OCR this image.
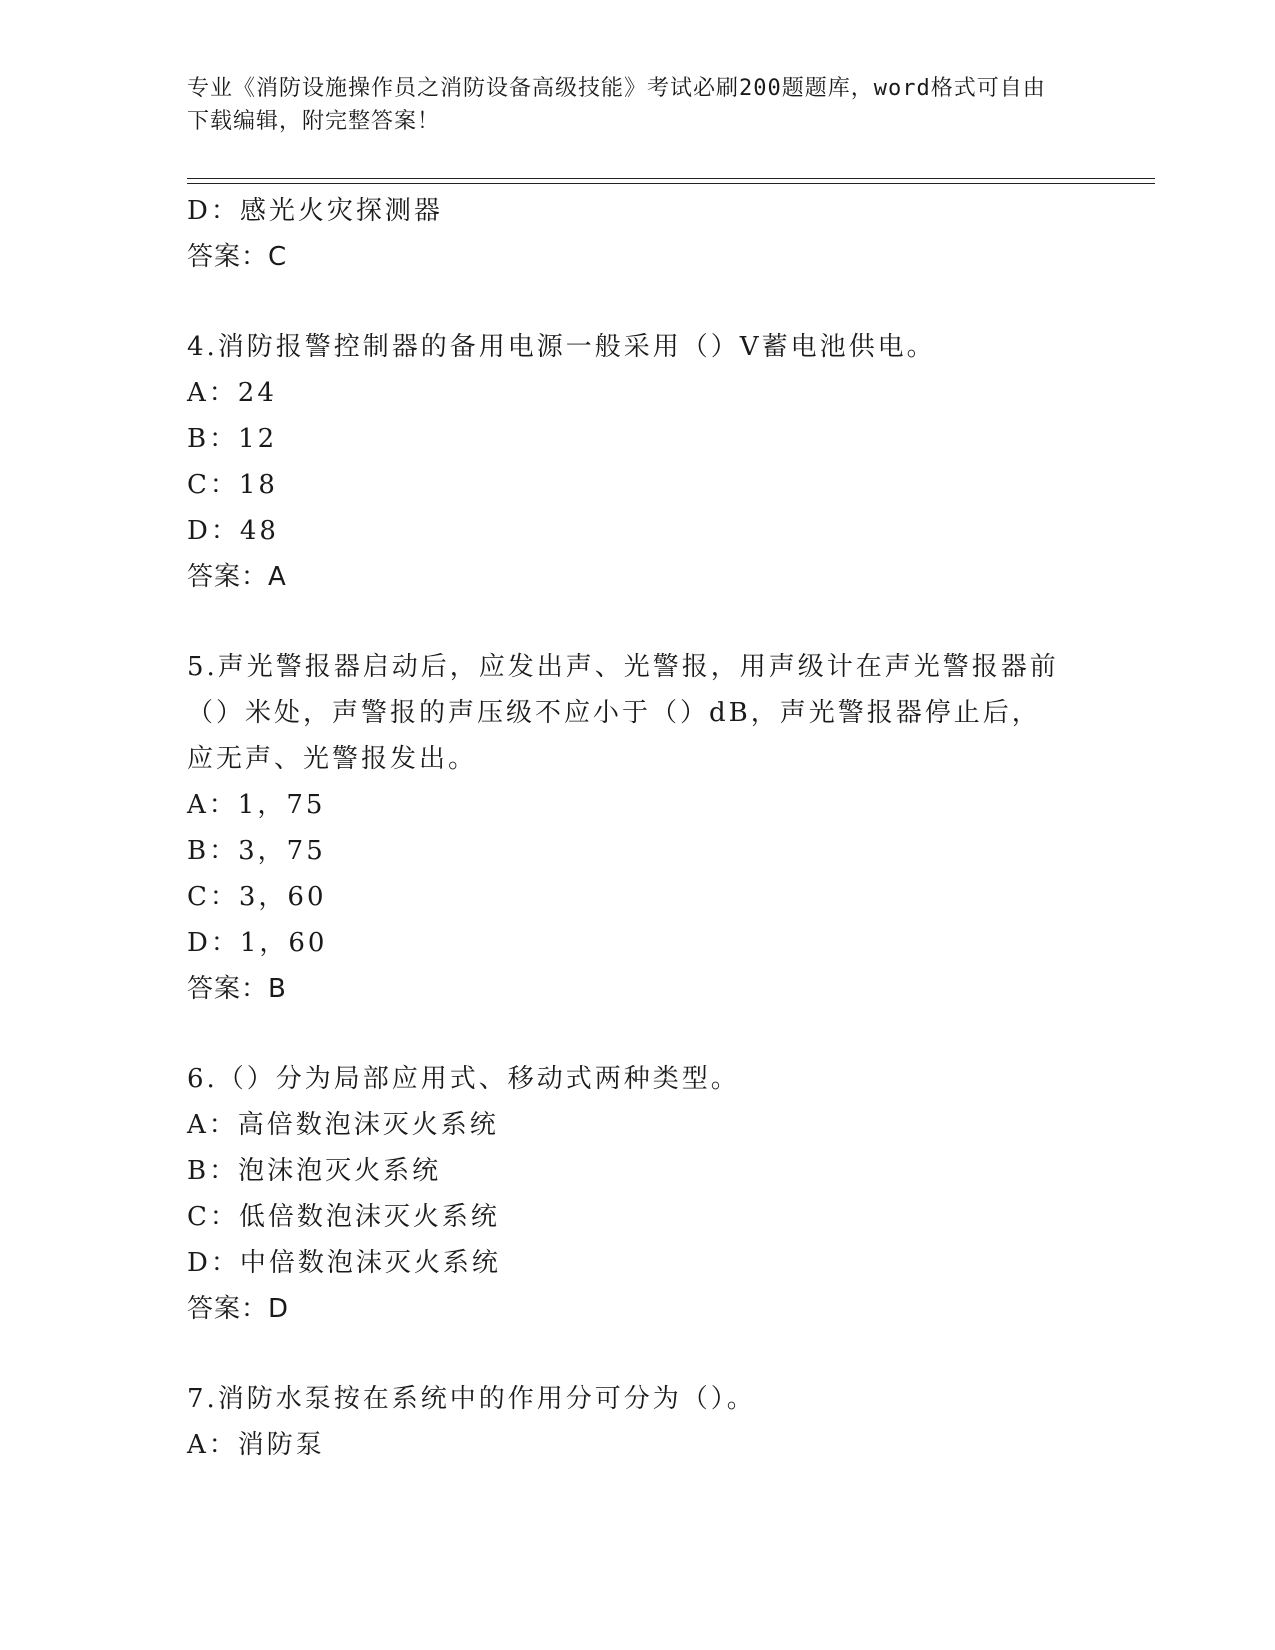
专业《消防设施操作员之消防设备高级技能》考试必刷200题题库，word格式可自由下载编辑，附完整答案！
D：感光火灾探测器
答案：C
4.消防报警控制器的备用电源一般采用（）V蓄电池供电。
A：24
B：12
C：18
D：48
答案：A
5.声光警报器启动后，应发出声、光警报，用声级计在声光警报器前（）米处，声警报的声压级不应小于（）dB，声光警报器停止后，应无声、光警报发出。
A：1，75
B：3，75
C：3，60
D：1，60
答案：B
6.（）分为局部应用式、移动式两种类型。
A：高倍数泡沫灭火系统
B：泡沫泡灭火系统
C：低倍数泡沫灭火系统
D：中倍数泡沫灭火系统
答案：D
7.消防水泵按在系统中的作用分可分为（）。
A：消防泵
